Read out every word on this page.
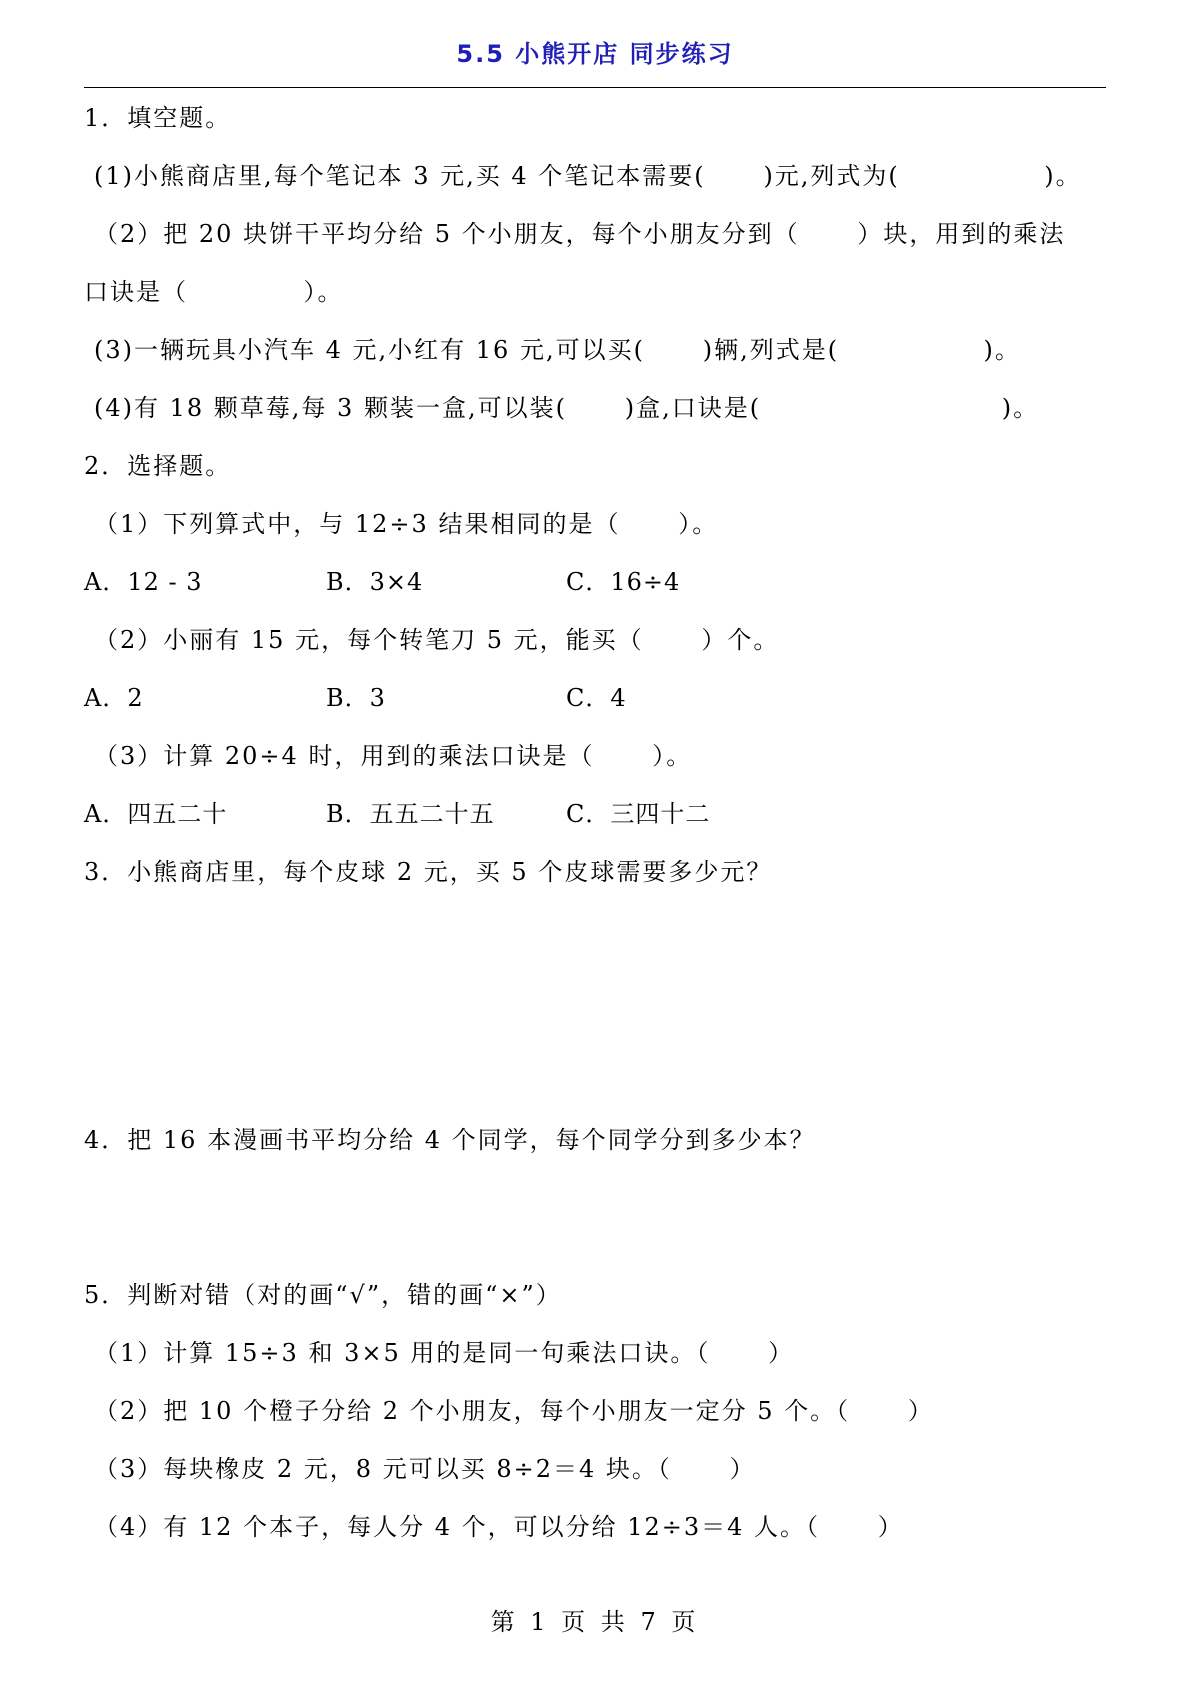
5.5 小熊开店 同步练习
1．填空题。
(1)小熊商店里,每个笔记本 3 元,买 4 个笔记本需要(      )元,列式为(               )。
（2）把 20 块饼干平均分给 5 个小朋友，每个小朋友分到（      ）块，用到的乘法
口诀是（            ）。
(3)一辆玩具小汽车 4 元,小红有 16 元,可以买(      )辆,列式是(               )。
(4)有 18 颗草莓,每 3 颗装一盒,可以装(      )盒,口诀是(                         )。
2．选择题。
（1）下列算式中，与 12÷3 结果相同的是（      ）。
A．12 - 3	B．3×4	C．16÷4
（2）小丽有 15 元，每个转笔刀 5 元，能买（      ）个。
A．2	B．3	C．4
（3）计算 20÷4 时，用到的乘法口诀是（      ）。
A．四五二十	B．五五二十五	C．三四十二
3．小熊商店里，每个皮球 2 元，买 5 个皮球需要多少元？
4．把 16 本漫画书平均分给 4 个同学，每个同学分到多少本？
5．判断对错（对的画“√”，错的画“×”）
（1）计算 15÷3 和 3×5 用的是同一句乘法口诀。（      ）
（2）把 10 个橙子分给 2 个小朋友，每个小朋友一定分 5 个。（      ）
（3）每块橡皮 2 元，8 元可以买 8÷2＝4 块。（      ）
（4）有 12 个本子，每人分 4 个，可以分给 12÷3＝4 人。（      ）
第 1 页 共 7 页
